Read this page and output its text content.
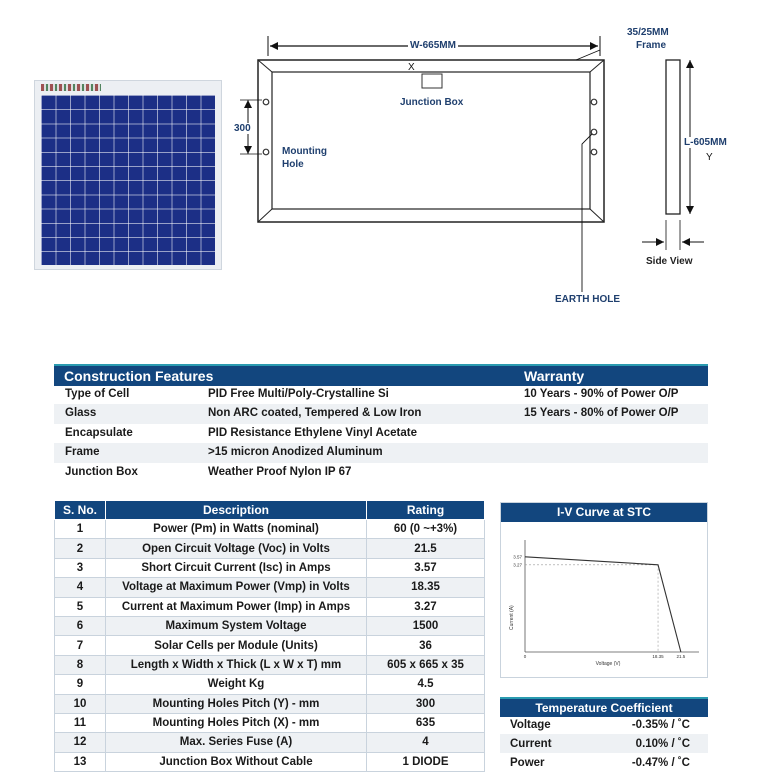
W-665MM
35/25MM
Frame
X
Junction Box
300
Mounting
Hole
L-605MM
Y
Side View
EARTH HOLE
Construction Features	Warranty
Type of Cell	PID Free Multi/Poly-Crystalline Si	10 Years - 90% of Power O/P
Glass	Non ARC coated, Tempered & Low Iron	15 Years - 80% of Power O/P
Encapsulate	PID Resistance Ethylene Vinyl Acetate
Frame	>15 micron Anodized Aluminum
Junction Box	Weather Proof Nylon IP 67
S. No.	Description	Rating
1	Power (Pm) in Watts (nominal)	60 (0 ~+3%)
2	Open Circuit Voltage (Voc) in Volts	21.5
3	Short Circuit Current (Isc) in Amps	3.57
4	Voltage at Maximum Power (Vmp) in Volts	18.35
5	Current at Maximum Power (Imp) in Amps	3.27
6	Maximum System Voltage	1500
7	Solar Cells per Module (Units)	36
8	Length x Width x Thick (L x W x T) mm	605 x 665 x 35
9	Weight Kg	4.5
10	Mounting Holes Pitch (Y) - mm	300
11	Mounting Holes Pitch (X) - mm	635
12	Max. Series Fuse (A)	4
13	Junction Box Without Cable	1 DIODE
I-V Curve at STC
Current (A)
Voltage (V)
3.57
3.27
18.35	21.5
0
Temperature Coefficient
Voltage	-0.35% / ˚C
Current	0.10% / ˚C
Power	-0.47% / ˚C
